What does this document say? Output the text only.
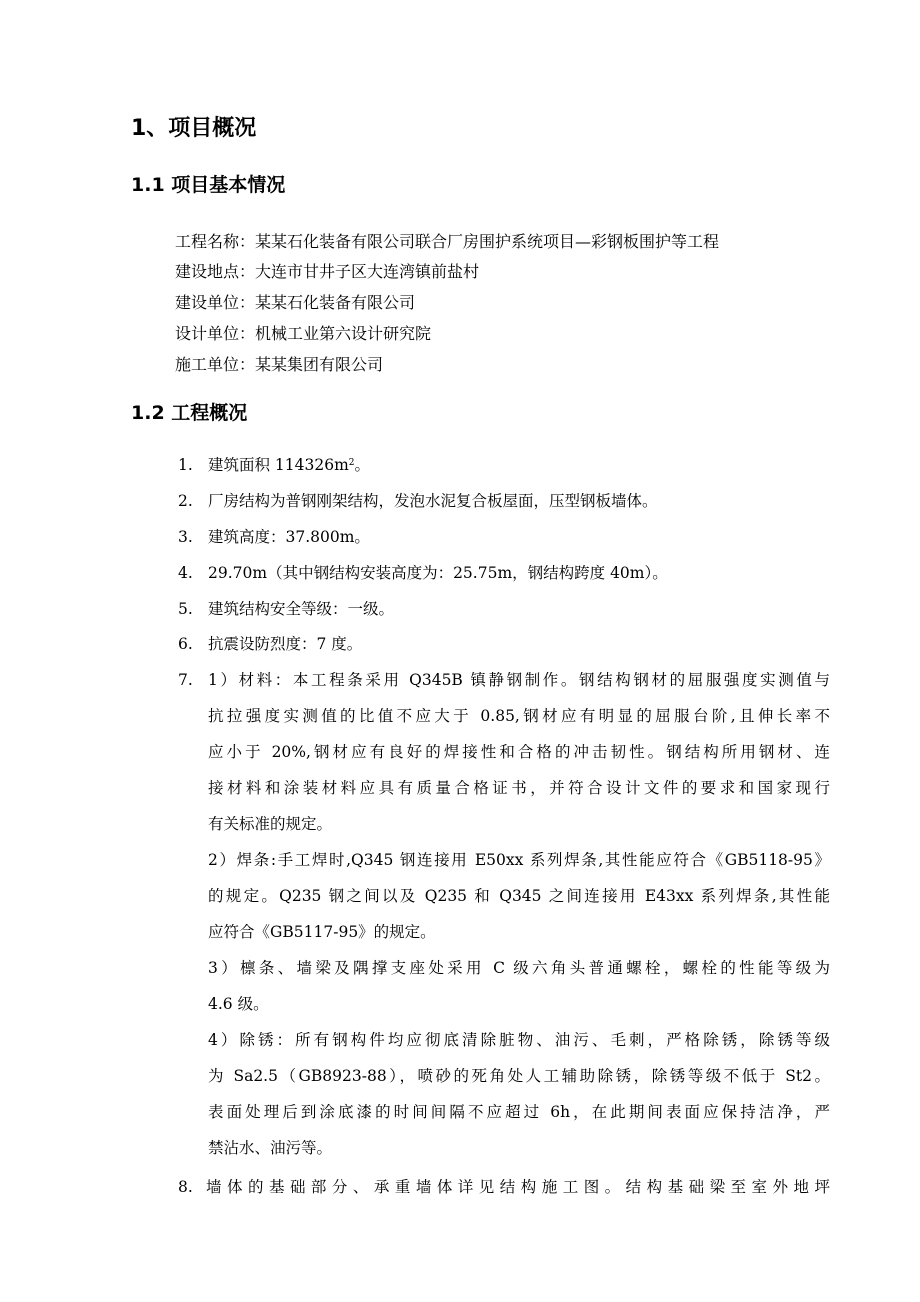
1、项目概况
1.1 项目基本情况
工程名称：某某石化装备有限公司联合厂房围护系统项目—彩钢板围护等工程
建设地点：大连市甘井子区大连湾镇前盐村
建设单位：某某石化装备有限公司
设计单位：机械工业第六设计研究院
施工单位：某某集团有限公司
1.2 工程概况
1. 建筑面积 $114326m^2$。
2. 厂房结构为普钢刚架结构，发泡水泥复合板屋面，压型钢板墙体。
3. 建筑高度：37.800m。
4. 29.70m（其中钢结构安装高度为：25.75m，钢结构跨度 40m）。
5. 建筑结构安全等级：一级。
6. 抗震设防烈度：7 度。
7. 1）材料：本工程条采用 Q345B 镇静钢制作。钢结构钢材的屈服强度实测值与
抗拉强度实测值的比值不应大于 0.85,钢材应有明显的屈服台阶,且伸长率不
应小于 20%,钢材应有良好的焊接性和合格的冲击韧性。钢结构所用钢材、连
接材料和涂装材料应具有质量合格证书，并符合设计文件的要求和国家现行
有关标准的规定。
2）焊条:手工焊时,Q345 钢连接用 E50xx 系列焊条,其性能应符合《GB5118-95》
的规定。Q235 钢之间以及 Q235 和 Q345 之间连接用 E43xx 系列焊条,其性能
应符合《GB5117-95》的规定。
3）檩条、墙梁及隅撑支座处采用 C 级六角头普通螺栓，螺栓的性能等级为
4.6 级。
4）除锈：所有钢构件均应彻底清除脏物、油污、毛刺，严格除锈，除锈等级
为 Sa2.5（GB8923-88），喷砂的死角处人工辅助除锈，除锈等级不低于 St2。
表面处理后到涂底漆的时间间隔不应超过 6h，在此期间表面应保持洁净，严
禁沾水、油污等。
8.  墙体的基础部分、承重墙体详见结构施工图。结构基础梁至室外地坪
